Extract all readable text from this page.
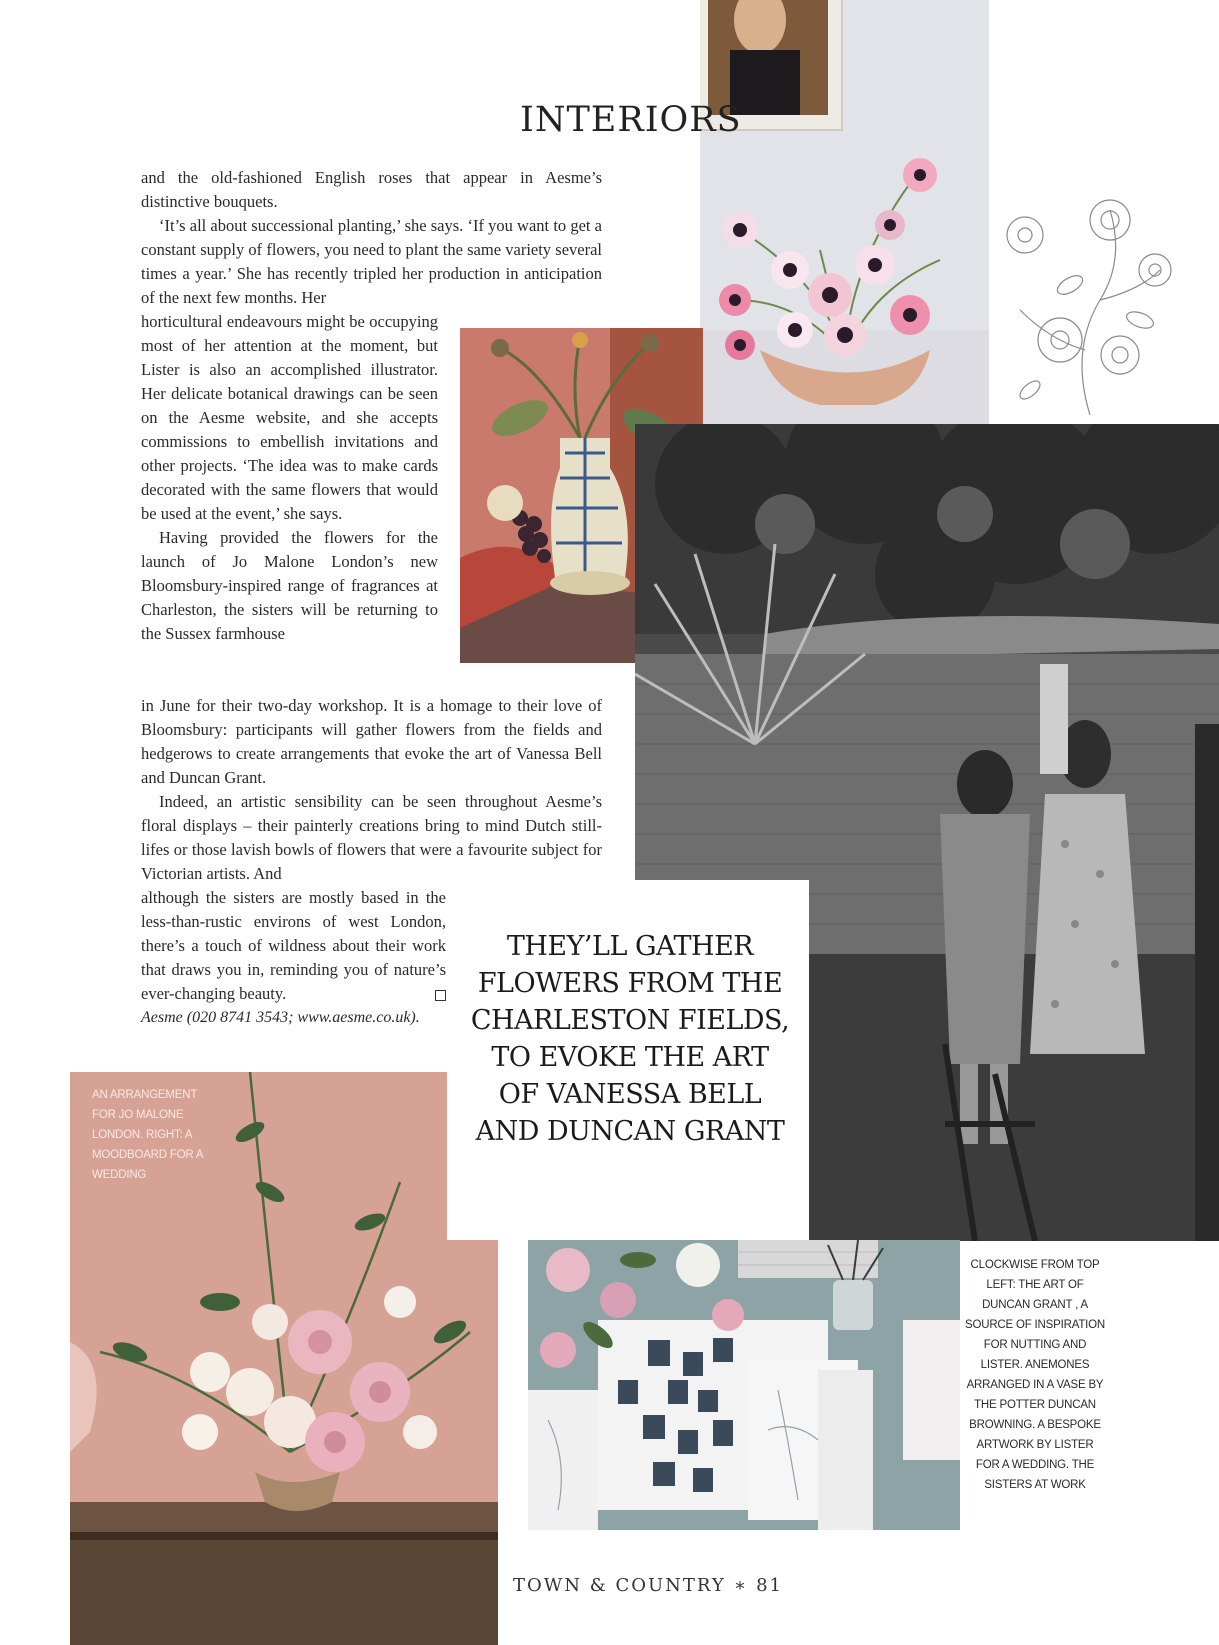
INTERIORS

and the old-fashioned English roses that appear in Aesme’s distinctive bouquets.

‘It’s all about successional planting,’ she says. ‘If you want to get a constant supply of flowers, you need to plant the same variety several times a year.’ She has recently tripled her production in anticipation of the next few months. Her

horticultural endeavours might be occupying most of her attention at the moment, but Lister is also an accomplished illustrator. Her delicate botanical drawings can be seen on the Aesme website, and she accepts commissions to embellish invitations and other projects. ‘The idea was to make cards decorated with the same flowers that would be used at the event,’ she says.

Having provided the flowers for the launch of Jo Malone London’s new Bloomsbury-inspired range of fragrances at Charleston, the sisters will be returning to the Sussex farmhouse

in June for their two-day workshop. It is a homage to their love of Bloomsbury: participants will gather flowers from the fields and hedgerows to create arrangements that evoke the art of Vanessa Bell and Duncan Grant.

Indeed, an artistic sensibility can be seen throughout Aesme’s floral displays – their painterly creations bring to mind Dutch still-lifes or those lavish bowls of flowers that were a favourite subject for Victorian artists. And

although the sisters are mostly based in the less-than-rustic environs of west London, there’s a touch of wildness about their work that draws you in, reminding you of nature’s ever-changing beauty.

Aesme (020 8741 3543; www.aesme.co.uk).

THEY’LL GATHER FLOWERS FROM THE CHARLESTON FIELDS, TO EVOKE THE ART OF VANESSA BELL AND DUNCAN GRANT

AN ARRANGEMENT FOR JO MALONE LONDON. RIGHT: A MOODBOARD FOR A WEDDING

CLOCKWISE FROM TOP LEFT: THE ART OF DUNCAN GRANT , A SOURCE OF INSPIRATION FOR NUTTING AND LISTER. ANEMONES ARRANGED IN A VASE BY THE POTTER DUNCAN BROWNING. A BESPOKE ARTWORK BY LISTER FOR A WEDDING. THE SISTERS AT WORK

TOWN & COUNTRY ∗ 81
